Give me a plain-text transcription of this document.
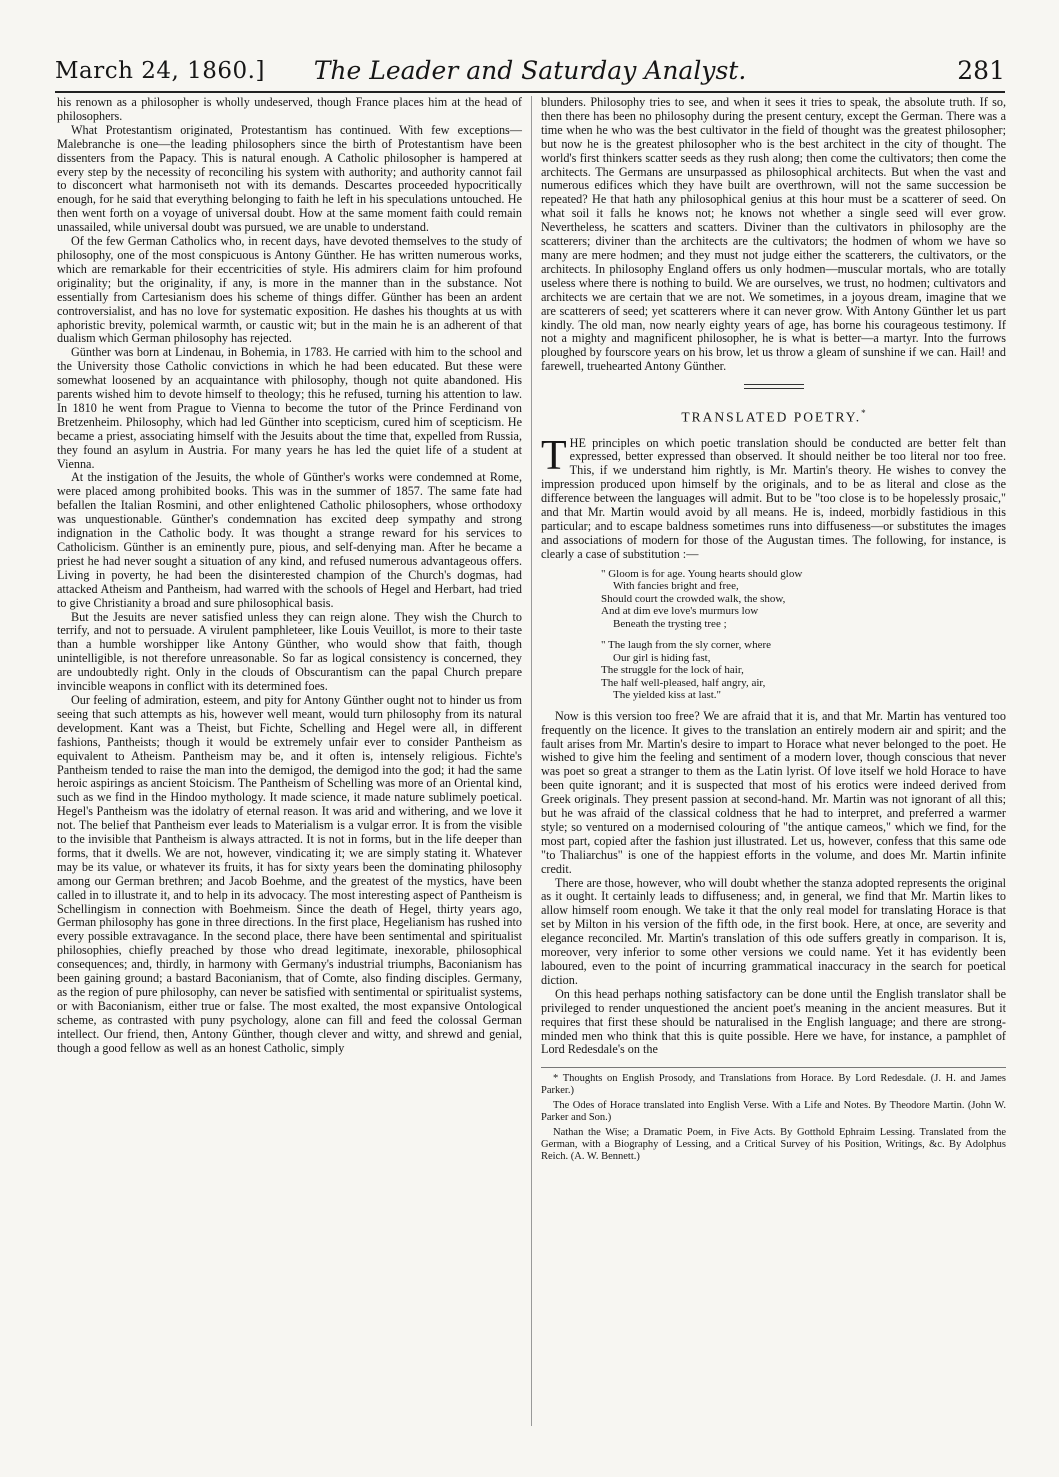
March 24, 1860.]	The Leader and Saturday Analyst.	281

his renown as a philosopher is wholly undeserved, though France places him at the head of philosophers.

What Protestantism originated, Protestantism has continued. With few exceptions—Malebranche is one—the leading philosophers since the birth of Protestantism have been dissenters from the Papacy. This is natural enough. A Catholic philosopher is hampered at every step by the necessity of reconciling his system with authority; and authority cannot fail to disconcert what harmoniseth not with its demands. Descartes proceeded hypocritically enough, for he said that everything belonging to faith he left in his speculations untouched. He then went forth on a voyage of universal doubt. How at the same moment faith could remain unassailed, while universal doubt was pursued, we are unable to understand.

Of the few German Catholics who, in recent days, have devoted themselves to the study of philosophy, one of the most conspicuous is Antony Günther. He has written numerous works, which are remarkable for their eccentricities of style. His admirers claim for him profound originality; but the originality, if any, is more in the manner than in the substance. Not essentially from Cartesianism does his scheme of things differ. Günther has been an ardent controversialist, and has no love for systematic exposition. He dashes his thoughts at us with aphoristic brevity, polemical warmth, or caustic wit; but in the main he is an adherent of that dualism which German philosophy has rejected.

Günther was born at Lindenau, in Bohemia, in 1783. He carried with him to the school and the University those Catholic convictions in which he had been educated. But these were somewhat loosened by an acquaintance with philosophy, though not quite abandoned. His parents wished him to devote himself to theology; this he refused, turning his attention to law. In 1810 he went from Prague to Vienna to become the tutor of the Prince Ferdinand von Bretzenheim. Philosophy, which had led Günther into scepticism, cured him of scepticism. He became a priest, associating himself with the Jesuits about the time that, expelled from Russia, they found an asylum in Austria. For many years he has led the quiet life of a student at Vienna.

At the instigation of the Jesuits, the whole of Günther's works were condemned at Rome, were placed among prohibited books. This was in the summer of 1857. The same fate had befallen the Italian Rosmini, and other enlightened Catholic philosophers, whose orthodoxy was unquestionable. Günther's condemnation has excited deep sympathy and strong indignation in the Catholic body. It was thought a strange reward for his services to Catholicism. Günther is an eminently pure, pious, and self-denying man. After he became a priest he had never sought a situation of any kind, and refused numerous advantageous offers. Living in poverty, he had been the disinterested champion of the Church's dogmas, had attacked Atheism and Pantheism, had warred with the schools of Hegel and Herbart, had tried to give Christianity a broad and sure philosophical basis.

But the Jesuits are never satisfied unless they can reign alone. They wish the Church to terrify, and not to persuade. A virulent pamphleteer, like Louis Veuillot, is more to their taste than a humble worshipper like Antony Günther, who would show that faith, though unintelligible, is not therefore unreasonable. So far as logical consistency is concerned, they are undoubtedly right. Only in the clouds of Obscurantism can the papal Church prepare invincible weapons in conflict with its determined foes.

Our feeling of admiration, esteem, and pity for Antony Günther ought not to hinder us from seeing that such attempts as his, however well meant, would turn philosophy from its natural development. Kant was a Theist, but Fichte, Schelling and Hegel were all, in different fashions, Pantheists; though it would be extremely unfair ever to consider Pantheism as equivalent to Atheism. Pantheism may be, and it often is, intensely religious. Fichte's Pantheism tended to raise the man into the demigod, the demigod into the god; it had the same heroic aspirings as ancient Stoicism. The Pantheism of Schelling was more of an Oriental kind, such as we find in the Hindoo mythology. It made science, it made nature sublimely poetical. Hegel's Pantheism was the idolatry of eternal reason. It was arid and withering, and we love it not. The belief that Pantheism ever leads to Materialism is a vulgar error. It is from the visible to the invisible that Pantheism is always attracted. It is not in forms, but in the life deeper than forms, that it dwells. We are not, however, vindicating it; we are simply stating it. Whatever may be its value, or whatever its fruits, it has for sixty years been the dominating philosophy among our German brethren; and Jacob Boehme, and the greatest of the mystics, have been called in to illustrate it, and to help in its advocacy. The most interesting aspect of Pantheism is Schellingism in connection with Boehmeism. Since the death of Hegel, thirty years ago, German philosophy has gone in three directions. In the first place, Hegelianism has rushed into every possible extravagance. In the second place, there have been sentimental and spiritualist philosophies, chiefly preached by those who dread legitimate, inexorable, philosophical consequences; and, thirdly, in harmony with Germany's industrial triumphs, Baconianism has been gaining ground; a bastard Baconianism, that of Comte, also finding disciples. Germany, as the region of pure philosophy, can never be satisfied with sentimental or spiritualist systems, or with Baconianism, either true or false. The most exalted, the most expansive Ontological scheme, as contrasted with puny psychology, alone can fill and feed the colossal German intellect. Our friend, then, Antony Günther, though clever and witty, and shrewd and genial, though a good fellow as well as an honest Catholic, simply

blunders. Philosophy tries to see, and when it sees it tries to speak, the absolute truth. If so, then there has been no philosophy during the present century, except the German. There was a time when he who was the best cultivator in the field of thought was the greatest philosopher; but now he is the greatest philosopher who is the best architect in the city of thought. The world's first thinkers scatter seeds as they rush along; then come the cultivators; then come the architects. The Germans are unsurpassed as philosophical architects. But when the vast and numerous edifices which they have built are overthrown, will not the same succession be repeated? He that hath any philosophical genius at this hour must be a scatterer of seed. On what soil it falls he knows not; he knows not whether a single seed will ever grow. Nevertheless, he scatters and scatters. Diviner than the cultivators in philosophy are the scatterers; diviner than the architects are the cultivators; the hodmen of whom we have so many are mere hodmen; and they must not judge either the scatterers, the cultivators, or the architects. In philosophy England offers us only hodmen—muscular mortals, who are totally useless where there is nothing to build. We are ourselves, we trust, no hodmen; cultivators and architects we are certain that we are not. We sometimes, in a joyous dream, imagine that we are scatterers of seed; yet scatterers where it can never grow. With Antony Günther let us part kindly. The old man, now nearly eighty years of age, has borne his courageous testimony. If not a mighty and magnificent philosopher, he is what is better—a martyr. Into the furrows ploughed by fourscore years on his brow, let us throw a gleam of sunshine if we can. Hail! and farewell, truehearted Antony Günther.

TRANSLATED POETRY.*

THE principles on which poetic translation should be conducted are better felt than expressed, better expressed than observed. It should neither be too literal nor too free. This, if we understand him rightly, is Mr. Martin's theory. He wishes to convey the impression produced upon himself by the originals, and to be as literal and close as the difference between the languages will admit. But to be "too close is to be hopelessly prosaic," and that Mr. Martin would avoid by all means. He is, indeed, morbidly fastidious in this particular; and to escape baldness sometimes runs into diffuseness—or substitutes the images and associations of modern for those of the Augustan times. The following, for instance, is clearly a case of substitution :—

" Gloom is for age. Young hearts should glow
With fancies bright and free,
Should court the crowded walk, the show,
And at dim eve love's murmurs low
Beneath the trysting tree ;
" The laugh from the sly corner, where
Our girl is hiding fast,
The struggle for the lock of hair,
The half well-pleased, half angry, air,
The yielded kiss at last."

Now is this version too free? We are afraid that it is, and that Mr. Martin has ventured too frequently on the licence. It gives to the translation an entirely modern air and spirit; and the fault arises from Mr. Martin's desire to impart to Horace what never belonged to the poet. He wished to give him the feeling and sentiment of a modern lover, though conscious that never was poet so great a stranger to them as the Latin lyrist. Of love itself we hold Horace to have been quite ignorant; and it is suspected that most of his erotics were indeed derived from Greek originals. They present passion at second-hand. Mr. Martin was not ignorant of all this; but he was afraid of the classical coldness that he had to interpret, and preferred a warmer style; so ventured on a modernised colouring of "the antique cameos," which we find, for the most part, copied after the fashion just illustrated. Let us, however, confess that this same ode "to Thaliarchus" is one of the happiest efforts in the volume, and does Mr. Martin infinite credit.

There are those, however, who will doubt whether the stanza adopted represents the original as it ought. It certainly leads to diffuseness; and, in general, we find that Mr. Martin likes to allow himself room enough. We take it that the only real model for translating Horace is that set by Milton in his version of the fifth ode, in the first book. Here, at once, are severity and elegance reconciled. Mr. Martin's translation of this ode suffers greatly in comparison. It is, moreover, very inferior to some other versions we could name. Yet it has evidently been laboured, even to the point of incurring grammatical inaccuracy in the search for poetical diction.

On this head perhaps nothing satisfactory can be done until the English translator shall be privileged to render unquestioned the ancient poet's meaning in the ancient measures. But it requires that first these should be naturalised in the English language; and there are strong-minded men who think that this is quite possible. Here we have, for instance, a pamphlet of Lord Redesdale's on the

* Thoughts on English Prosody, and Translations from Horace. By Lord Redesdale. (J. H. and James Parker.)

The Odes of Horace translated into English Verse. With a Life and Notes. By Theodore Martin. (John W. Parker and Son.)

Nathan the Wise; a Dramatic Poem, in Five Acts. By Gotthold Ephraim Lessing. Translated from the German, with a Biography of Lessing, and a Critical Survey of his Position, Writings, &c. By Adolphus Reich. (A. W. Bennett.)
